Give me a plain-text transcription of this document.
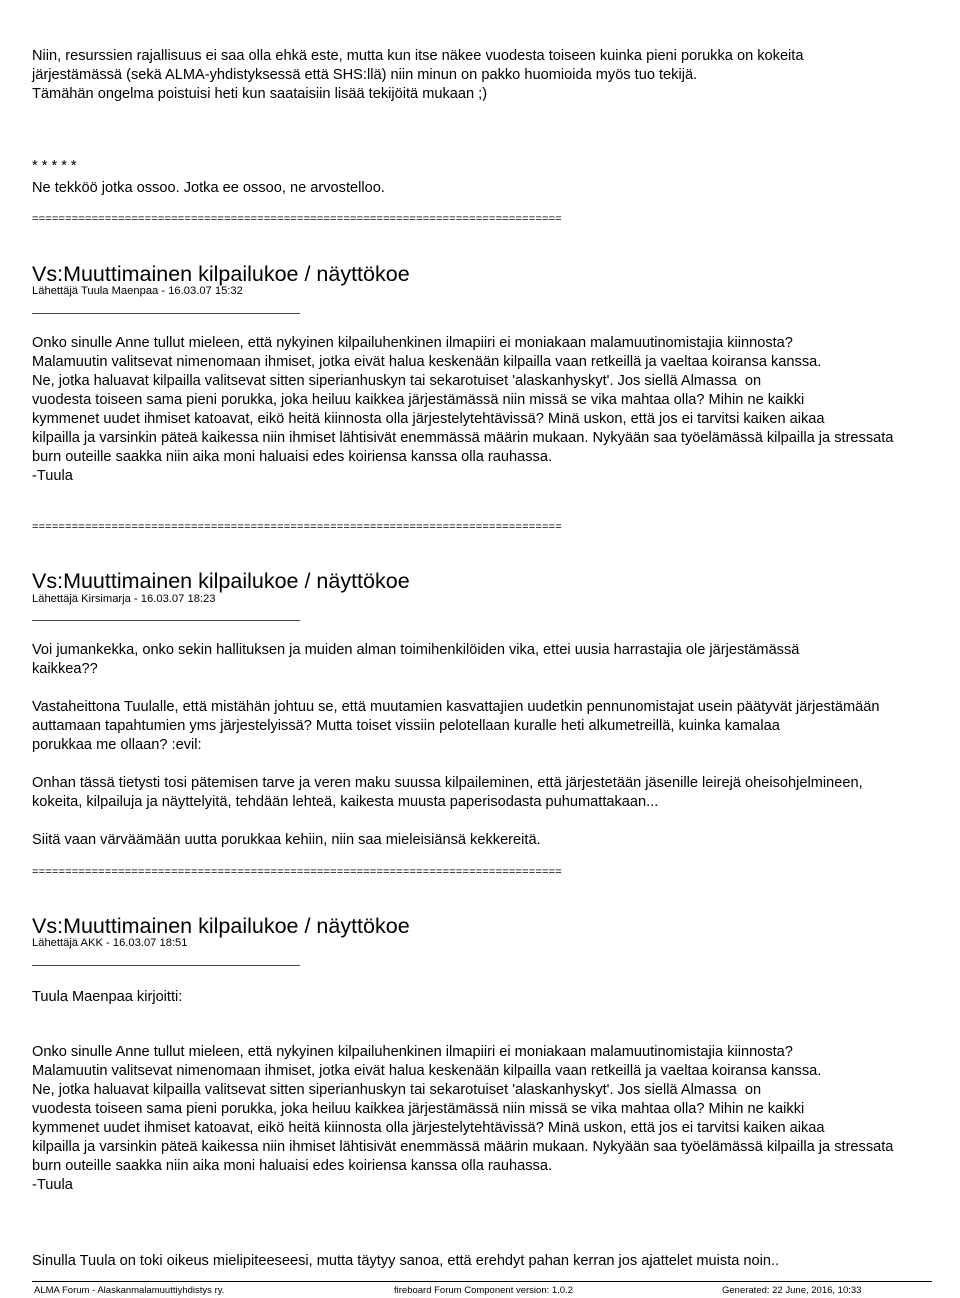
Niin, resurssien rajallisuus ei saa olla ehkä este, mutta kun itse näkee vuodesta toiseen kuinka pieni porukka on kokeita
järjestämässä (sekä ALMA-yhdistyksessä että SHS:llä) niin minun on pakko huomioida myös tuo tekijä.
Tämähän ongelma poistuisi heti kun saataisiin lisää tekijöitä mukaan ;)
* * * * *
Ne tekköö jotka ossoo. Jotka ee ossoo, ne arvostelloo.
================================================================================
Vs:Muuttimainen kilpailukoe / näyttökoe
Lähettäjä Tuula Maenpaa - 16.03.07 15:32
Onko sinulle Anne tullut mieleen, että nykyinen kilpailuhenkinen ilmapiiri ei moniakaan malamuutinomistajia kiinnosta?
Malamuutin valitsevat nimenomaan ihmiset, jotka eivät halua keskenään kilpailla vaan retkeillä ja vaeltaa koiransa kanssa.
Ne, jotka haluavat kilpailla valitsevat sitten siperianhuskyn tai sekarotuiset 'alaskanhyskyt'. Jos siellä Almassa  on
vuodesta toiseen sama pieni porukka, joka heiluu kaikkea järjestämässä niin missä se vika mahtaa olla? Mihin ne kaikki
kymmenet uudet ihmiset katoavat, eikö heitä kiinnosta olla järjestelytehtävissä? Minä uskon, että jos ei tarvitsi kaiken aikaa
kilpailla ja varsinkin päteä kaikessa niin ihmiset lähtisivät enemmässä määrin mukaan. Nykyään saa työelämässä kilpailla ja stressata
burn outeille saakka niin aika moni haluaisi edes koiriensa kanssa olla rauhassa.
-Tuula
================================================================================
Vs:Muuttimainen kilpailukoe / näyttökoe
Lähettäjä Kirsimarja - 16.03.07 18:23
Voi jumankekka, onko sekin hallituksen ja muiden alman toimihenkilöiden vika, ettei uusia harrastajia ole järjestämässä
kaikkea??
Vastaheittona Tuulalle, että mistähän johtuu se, että muutamien kasvattajien uudetkin pennunomistajat usein päätyvät järjestämään
auttamaan tapahtumien yms järjestelyissä? Mutta toiset vissiin pelotellaan kuralle heti alkumetreillä, kuinka kamalaa
porukkaa me ollaan? :evil:
Onhan tässä tietysti tosi pätemisen tarve ja veren maku suussa kilpaileminen, että järjestetään jäsenille leirejä oheisohjelmineen,
kokeita, kilpailuja ja näyttelyitä, tehdään lehteä, kaikesta muusta paperisodasta puhumattakaan...
Siitä vaan värväämään uutta porukkaa kehiin, niin saa mieleisiänsä kekkereitä.
================================================================================
Vs:Muuttimainen kilpailukoe / näyttökoe
Lähettäjä AKK - 16.03.07 18:51
Tuula Maenpaa kirjoitti:
Onko sinulle Anne tullut mieleen, että nykyinen kilpailuhenkinen ilmapiiri ei moniakaan malamuutinomistajia kiinnosta?
Malamuutin valitsevat nimenomaan ihmiset, jotka eivät halua keskenään kilpailla vaan retkeillä ja vaeltaa koiransa kanssa.
Ne, jotka haluavat kilpailla valitsevat sitten siperianhuskyn tai sekarotuiset 'alaskanhyskyt'. Jos siellä Almassa  on
vuodesta toiseen sama pieni porukka, joka heiluu kaikkea järjestämässä niin missä se vika mahtaa olla? Mihin ne kaikki
kymmenet uudet ihmiset katoavat, eikö heitä kiinnosta olla järjestelytehtävissä? Minä uskon, että jos ei tarvitsi kaiken aikaa
kilpailla ja varsinkin päteä kaikessa niin ihmiset lähtisivät enemmässä määrin mukaan. Nykyään saa työelämässä kilpailla ja stressata
burn outeille saakka niin aika moni haluaisi edes koiriensa kanssa olla rauhassa.
-Tuula
Sinulla Tuula on toki oikeus mielipiteeseesi, mutta täytyy sanoa, että erehdyt pahan kerran jos ajattelet muista noin..
ALMA Forum - Alaskanmalamuuttiyhdistys ry.	fireboard Forum Component version: 1.0.2	Generated: 22 June, 2016, 10:33
